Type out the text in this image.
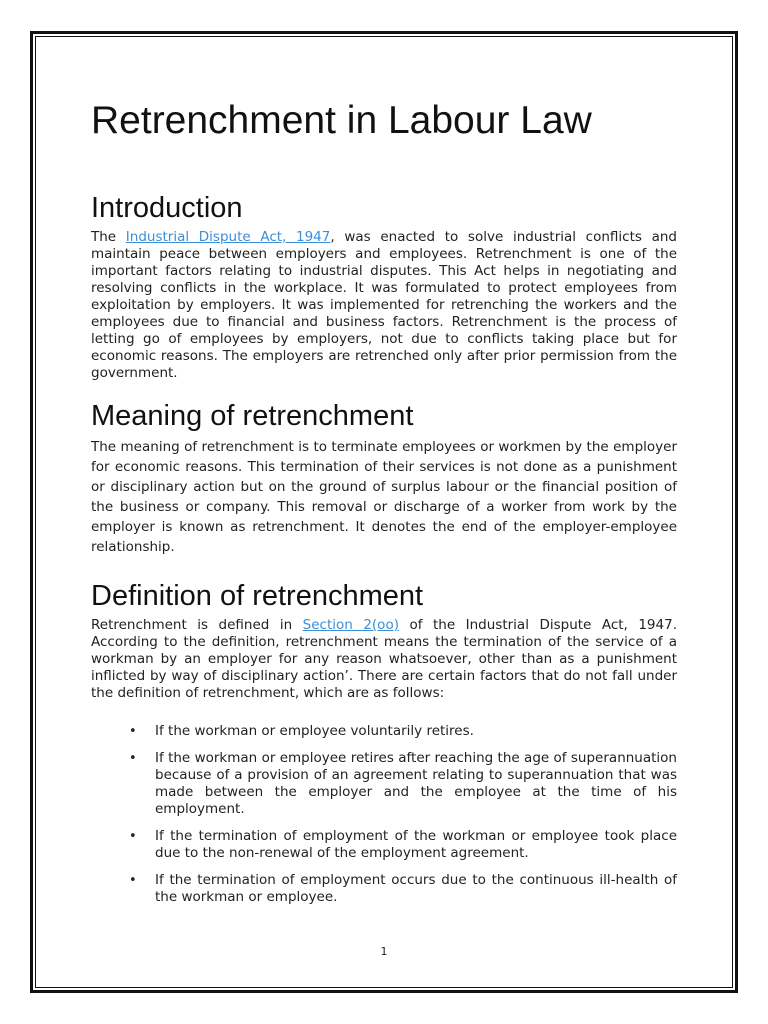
Retrenchment in Labour Law
Introduction

The Industrial Dispute Act, 1947, was enacted to solve industrial conflicts and maintain peace between employers and employees. Retrenchment is one of the important factors relating to industrial disputes. This Act helps in negotiating and resolving conflicts in the workplace. It was formulated to protect employees from exploitation by employers. It was implemented for retrenching the workers and the employees due to financial and business factors. Retrenchment is the process of letting go of employees by employers, not due to conflicts taking place but for economic reasons. The employers are retrenched only after prior permission from the government.

Meaning of retrenchment

The meaning of retrenchment is to terminate employees or workmen by the employer for economic reasons. This termination of their services is not done as a punishment or disciplinary action but on the ground of surplus labour or the financial position of the business or company. This removal or discharge of a worker from work by the employer is known as retrenchment. It denotes the end of the employer-employee relationship.

Definition of retrenchment

Retrenchment is defined in Section 2(oo) of the Industrial Dispute Act, 1947. According to the definition, retrenchment means the termination of the service of a workman by an employer for any reason whatsoever, other than as a punishment inflicted by way of disciplinary action’. There are certain factors that do not fall under the definition of retrenchment, which are as follows:

• If the workman or employee voluntarily retires.
• If the workman or employee retires after reaching the age of superannuation because of a provision of an agreement relating to superannuation that was made between the employer and the employee at the time of his employment.
• If the termination of employment of the workman or employee took place due to the non-renewal of the employment agreement.
• If the termination of employment occurs due to the continuous ill-health of the workman or employee.
1
